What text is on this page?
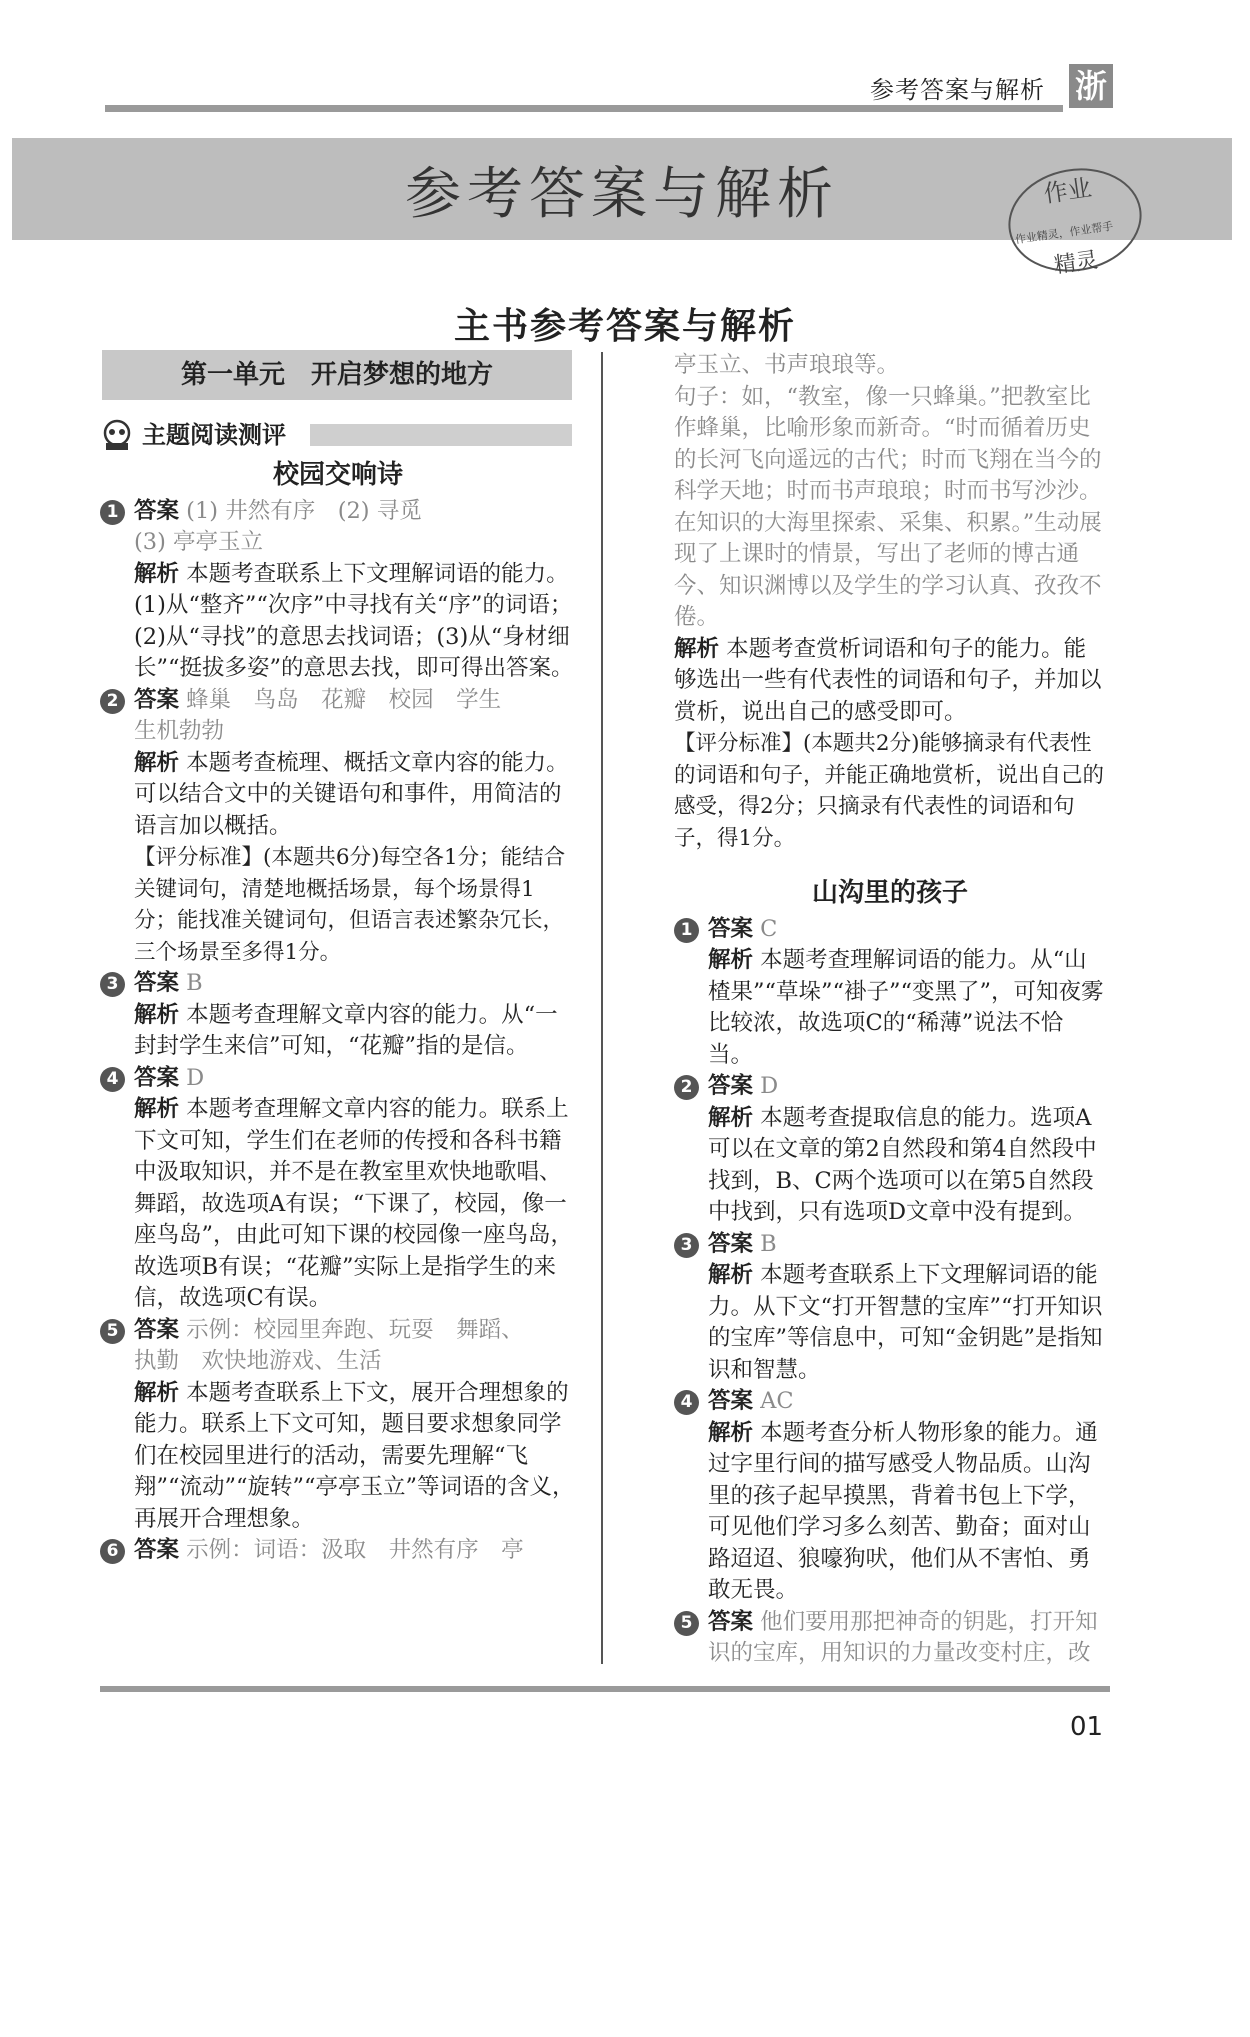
参考答案与解析 浙
参考答案与解析	作业
作业精灵，作业帮手
精灵
主书参考答案与解析
第一单元　开启梦想的地方
主题阅读测评
校园交响诗
1 答案 (1) 井然有序　(2) 寻觅
(3) 亭亭玉立
解析 本题考查联系上下文理解词语的能力。(1)从“整齐”“次序”中寻找有关“序”的词语；(2)从“寻找”的意思去找词语；(3)从“身材细长”“挺拔多姿”的意思去找，即可得出答案。
2 答案 蜂巢　鸟岛　花瓣　校园　学生
生机勃勃
解析 本题考查梳理、概括文章内容的能力。可以结合文中的关键语句和事件，用简洁的语言加以概括。
【评分标准】(本题共6分)每空各1分；能结合关键词句，清楚地概括场景，每个场景得1分；能找准关键词句，但语言表述繁杂冗长，三个场景至多得1分。
3 答案 B
解析 本题考查理解文章内容的能力。从“一封封学生来信”可知，“花瓣”指的是信。
4 答案 D
解析 本题考查理解文章内容的能力。联系上下文可知，学生们在老师的传授和各科书籍中汲取知识，并不是在教室里欢快地歌唱、舞蹈，故选项A有误；“下课了，校园，像一座鸟岛”，由此可知下课的校园像一座鸟岛，故选项B有误；“花瓣”实际上是指学生的来信，故选项C有误。
5 答案 示例：校园里奔跑、玩耍　舞蹈、
执勤　欢快地游戏、生活
解析 本题考查联系上下文，展开合理想象的能力。联系上下文可知，题目要求想象同学们在校园里进行的活动，需要先理解“飞翔”“流动”“旋转”“亭亭玉立”等词语的含义，再展开合理想象。
6 答案 示例：词语：汲取　井然有序　亭
亭玉立、书声琅琅等。
句子：如，“教室，像一只蜂巢。”把教室比作蜂巢，比喻形象而新奇。“时而循着历史的长河飞向遥远的古代；时而飞翔在当今的科学天地；时而书声琅琅；时而书写沙沙。在知识的大海里探索、采集、积累。”生动展现了上课时的情景，写出了老师的博古通今、知识渊博以及学生的学习认真、孜孜不倦。
解析 本题考查赏析词语和句子的能力。能够选出一些有代表性的词语和句子，并加以赏析，说出自己的感受即可。
【评分标准】(本题共2分)能够摘录有代表性的词语和句子，并能正确地赏析，说出自己的感受，得2分；只摘录有代表性的词语和句子，得1分。
山沟里的孩子
1 答案 C
解析 本题考查理解词语的能力。从“山楂果”“草垛”“褂子”“变黑了”，可知夜雾比较浓，故选项C的“稀薄”说法不恰当。
2 答案 D
解析 本题考查提取信息的能力。选项A可以在文章的第2自然段和第4自然段中找到，B、C两个选项可以在第5自然段中找到，只有选项D文章中没有提到。
3 答案 B
解析 本题考查联系上下文理解词语的能力。从下文“打开智慧的宝库”“打开知识的宝库”等信息中，可知“金钥匙”是指知识和智慧。
4 答案 AC
解析 本题考查分析人物形象的能力。通过字里行间的描写感受人物品质。山沟里的孩子起早摸黑，背着书包上下学，可见他们学习多么刻苦、勤奋；面对山路迢迢、狼嚎狗吠，他们从不害怕、勇敢无畏。
5 答案 他们要用那把神奇的钥匙，打开知识的宝库，用知识的力量改变村庄，改
01
